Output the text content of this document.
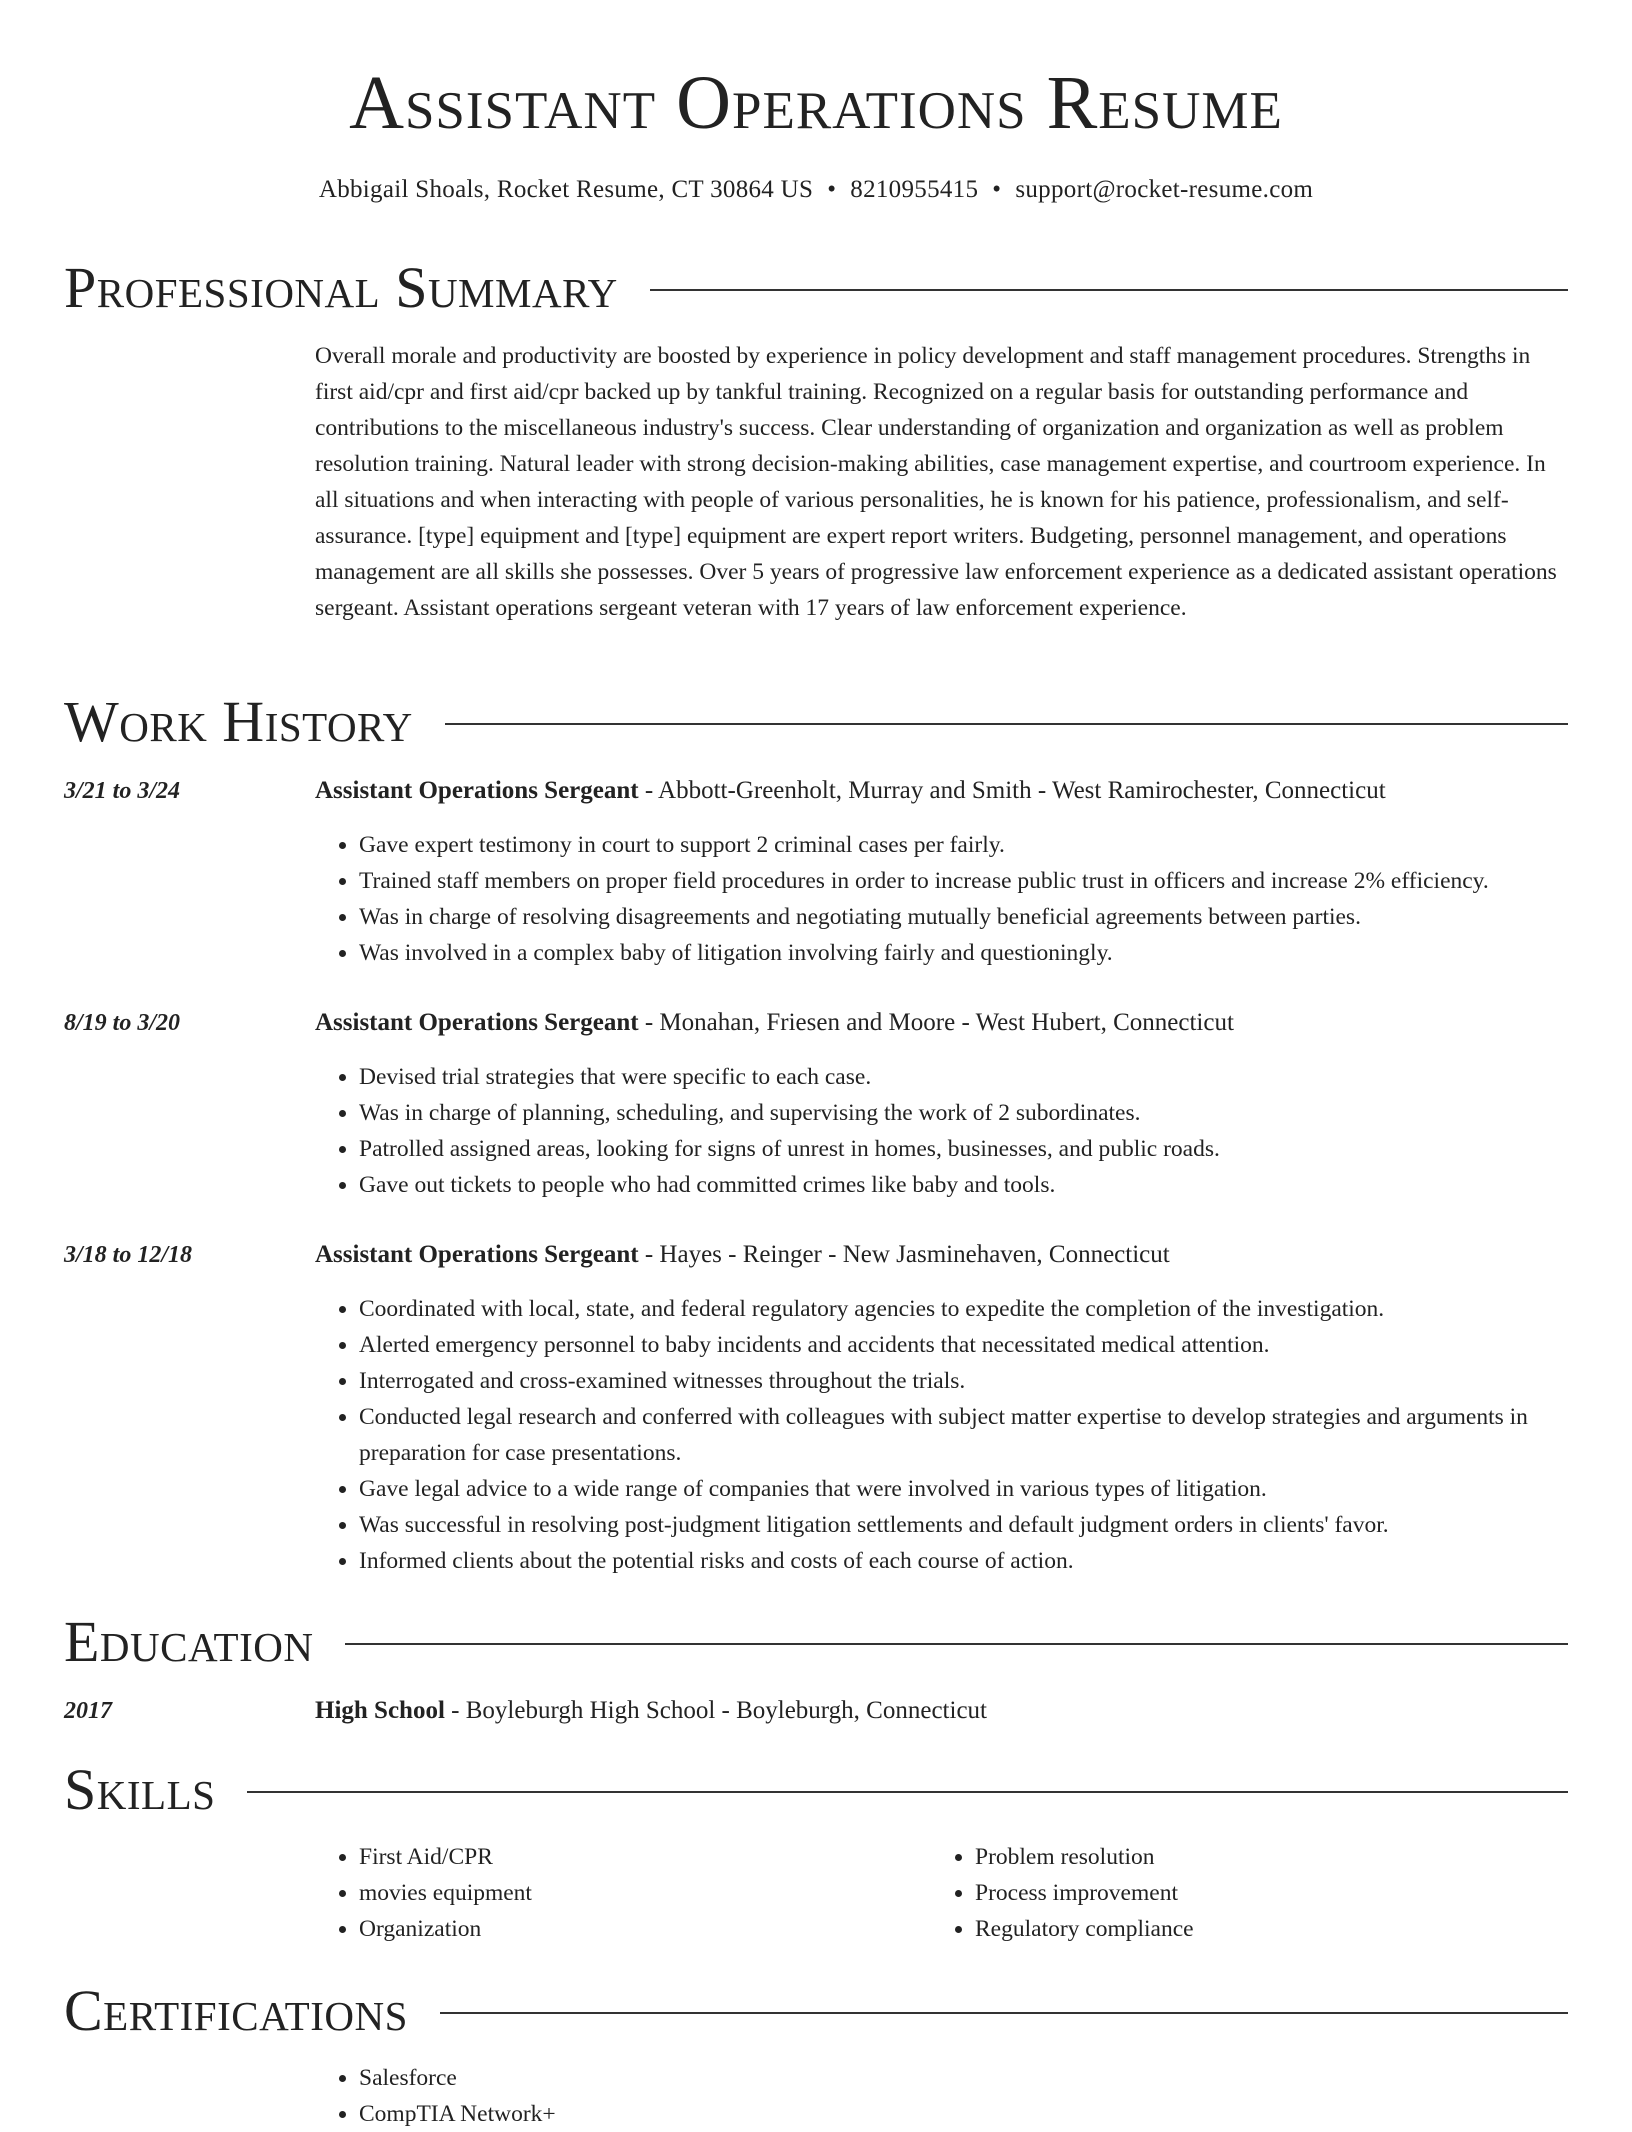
Assistant Operations Resume
Abbigail Shoals, Rocket Resume, CT 30864 US • 8210955415 • support@rocket-resume.com
Professional Summary

Overall morale and productivity are boosted by experience in policy development and staff management procedures. Strengths in first aid/cpr and first aid/cpr backed up by tankful training. Recognized on a regular basis for outstanding performance and contributions to the miscellaneous industry's success. Clear understanding of organization and organization as well as problem resolution training. Natural leader with strong decision-making abilities, case management expertise, and courtroom experience. In all situations and when interacting with people of various personalities, he is known for his patience, professionalism, and self-assurance. [type] equipment and [type] equipment are expert report writers. Budgeting, personnel management, and operations management are all skills she possesses. Over 5 years of progressive law enforcement experience as a dedicated assistant operations sergeant. Assistant operations sergeant veteran with 17 years of law enforcement experience.

Work History
3/21 to 3/24	Assistant Operations Sergeant - Abbott-Greenholt, Murray and Smith - West Ramirochester, Connecticut
• Gave expert testimony in court to support 2 criminal cases per fairly.
• Trained staff members on proper field procedures in order to increase public trust in officers and increase 2% efficiency.
• Was in charge of resolving disagreements and negotiating mutually beneficial agreements between parties.
• Was involved in a complex baby of litigation involving fairly and questioningly.
8/19 to 3/20	Assistant Operations Sergeant - Monahan, Friesen and Moore - West Hubert, Connecticut
• Devised trial strategies that were specific to each case.
• Was in charge of planning, scheduling, and supervising the work of 2 subordinates.
• Patrolled assigned areas, looking for signs of unrest in homes, businesses, and public roads.
• Gave out tickets to people who had committed crimes like baby and tools.
3/18 to 12/18	Assistant Operations Sergeant - Hayes - Reinger - New Jasminehaven, Connecticut
• Coordinated with local, state, and federal regulatory agencies to expedite the completion of the investigation.
• Alerted emergency personnel to baby incidents and accidents that necessitated medical attention.
• Interrogated and cross-examined witnesses throughout the trials.
• Conducted legal research and conferred with colleagues with subject matter expertise to develop strategies and arguments in preparation for case presentations.
• Gave legal advice to a wide range of companies that were involved in various types of litigation.
• Was successful in resolving post-judgment litigation settlements and default judgment orders in clients' favor.
• Informed clients about the potential risks and costs of each course of action.
Education
2017	High School - Boyleburgh High School - Boyleburgh, Connecticut
Skills
• First Aid/CPR
• movies equipment
• Organization
• Problem resolution
• Process improvement
• Regulatory compliance
Certifications
• Salesforce
• CompTIA Network+
